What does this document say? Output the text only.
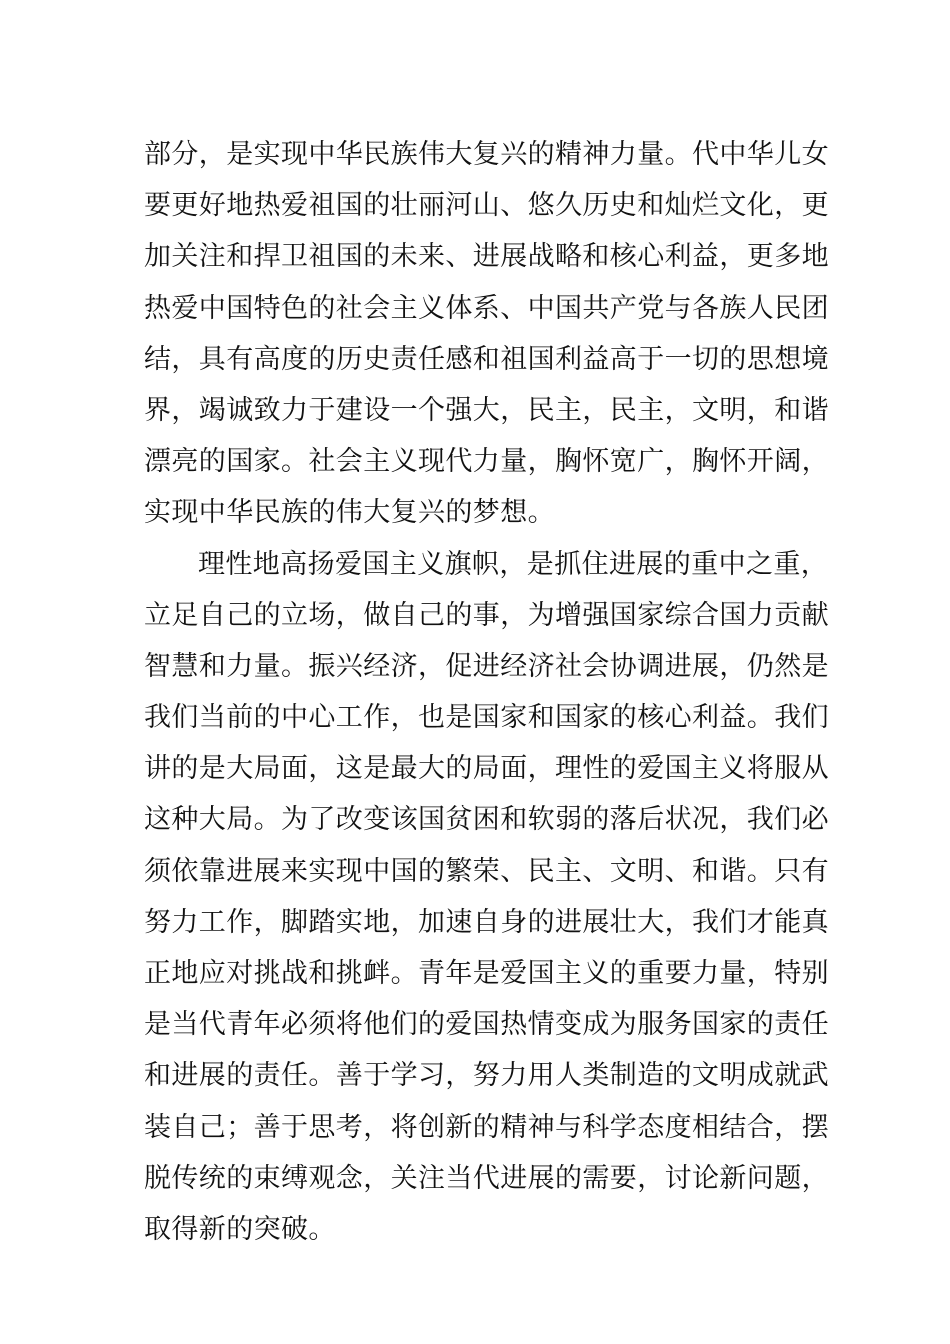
部分，是实现中华民族伟大复兴的精神力量。代中华儿女
要更好地热爱祖国的壮丽河山、悠久历史和灿烂文化，更
加关注和捍卫祖国的未来、进展战略和核心利益，更多地
热爱中国特色的社会主义体系、中国共产党与各族人民团
结，具有高度的历史责任感和祖国利益高于一切的思想境
界，竭诚致力于建设一个强大，民主，民主，文明，和谐
漂亮的国家。社会主义现代力量，胸怀宽广，胸怀开阔，
实现中华民族的伟大复兴的梦想。
理性地高扬爱国主义旗帜，是抓住进展的重中之重，
立足自己的立场，做自己的事，为增强国家综合国力贡献
智慧和力量。振兴经济，促进经济社会协调进展，仍然是
我们当前的中心工作，也是国家和国家的核心利益。我们
讲的是大局面，这是最大的局面，理性的爱国主义将服从
这种大局。为了改变该国贫困和软弱的落后状况，我们必
须依靠进展来实现中国的繁荣、民主、文明、和谐。只有
努力工作，脚踏实地，加速自身的进展壮大，我们才能真
正地应对挑战和挑衅。青年是爱国主义的重要力量，特别
是当代青年必须将他们的爱国热情变成为服务国家的责任
和进展的责任。善于学习，努力用人类制造的文明成就武
装自己；善于思考，将创新的精神与科学态度相结合，摆
脱传统的束缚观念，关注当代进展的需要，讨论新问题，
取得新的突破。
